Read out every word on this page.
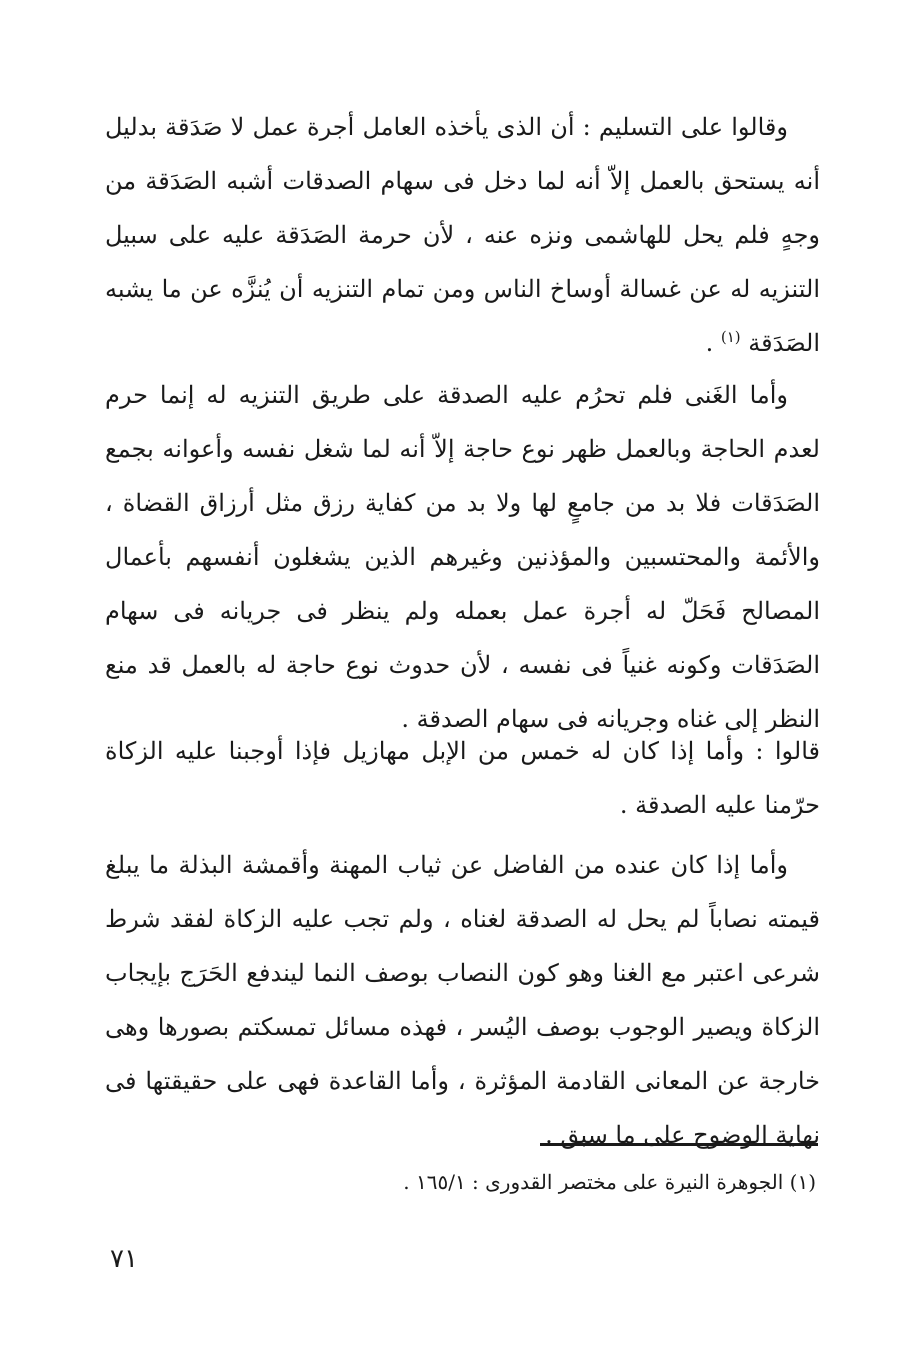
وقالوا على التسليم : أن الذى يأخذه العامل أجرة عمل لا صَدَقة بدليل أنه يستحق بالعمل إلاّ أنه لما دخل فى سهام الصدقات أشبه الصَدَقة من وجهٍ فلم يحل للهاشمى ونزه عنه ، لأن حرمة الصَدَقة عليه على سبيل التنزيه له عن غسالة أوساخ الناس ومن تمام التنزيه أن يُنزَّه عن ما يشبه الصَدَقة $^{(١)}$ .

وأما الغَنى فلم تحرُم عليه الصدقة على طريق التنزيه له إنما حرم لعدم الحاجة وبالعمل ظهر نوع حاجة إلاّ أنه لما شغل نفسه وأعوانه بجمع الصَدَقات فلا بد من جامعٍ لها ولا بد من كفاية رزق مثل أرزاق القضاة ، والأئمة والمحتسبين والمؤذنين وغيرهم الذين يشغلون أنفسهم بأعمال المصالح فَحَلّ له أجرة عمل بعمله ولم ينظر فى جريانه فى سهام الصَدَقات وكونه غنياً فى نفسه ، لأن حدوث نوع حاجة له بالعمل قد منع النظر إلى غناه وجريانه فى سهام الصدقة .

قالوا : وأما إذا كان له خمس من الإبل مهازيل فإذا أوجبنا عليه الزكاة حرّمنا عليه الصدقة .

وأما إذا كان عنده من الفاضل عن ثياب المهنة وأقمشة البذلة ما يبلغ قيمته نصاباً لم يحل له الصدقة لغناه ، ولم تجب عليه الزكاة لفقد شرط شرعى اعتبر مع الغنا وهو كون النصاب بوصف النما ليندفع الحَرَج بإيجاب الزكاة ويصير الوجوب بوصف اليُسر ، فهذه مسائل تمسكتم بصورها وهى خارجة عن المعانى القادمة المؤثرة ، وأما القاعدة فهى على حقيقتها فى نهاية الوضوح على ما سبق .

(١) الجوهرة النيرة على مختصر القدورى : ١٦٥/١ .

٧١
